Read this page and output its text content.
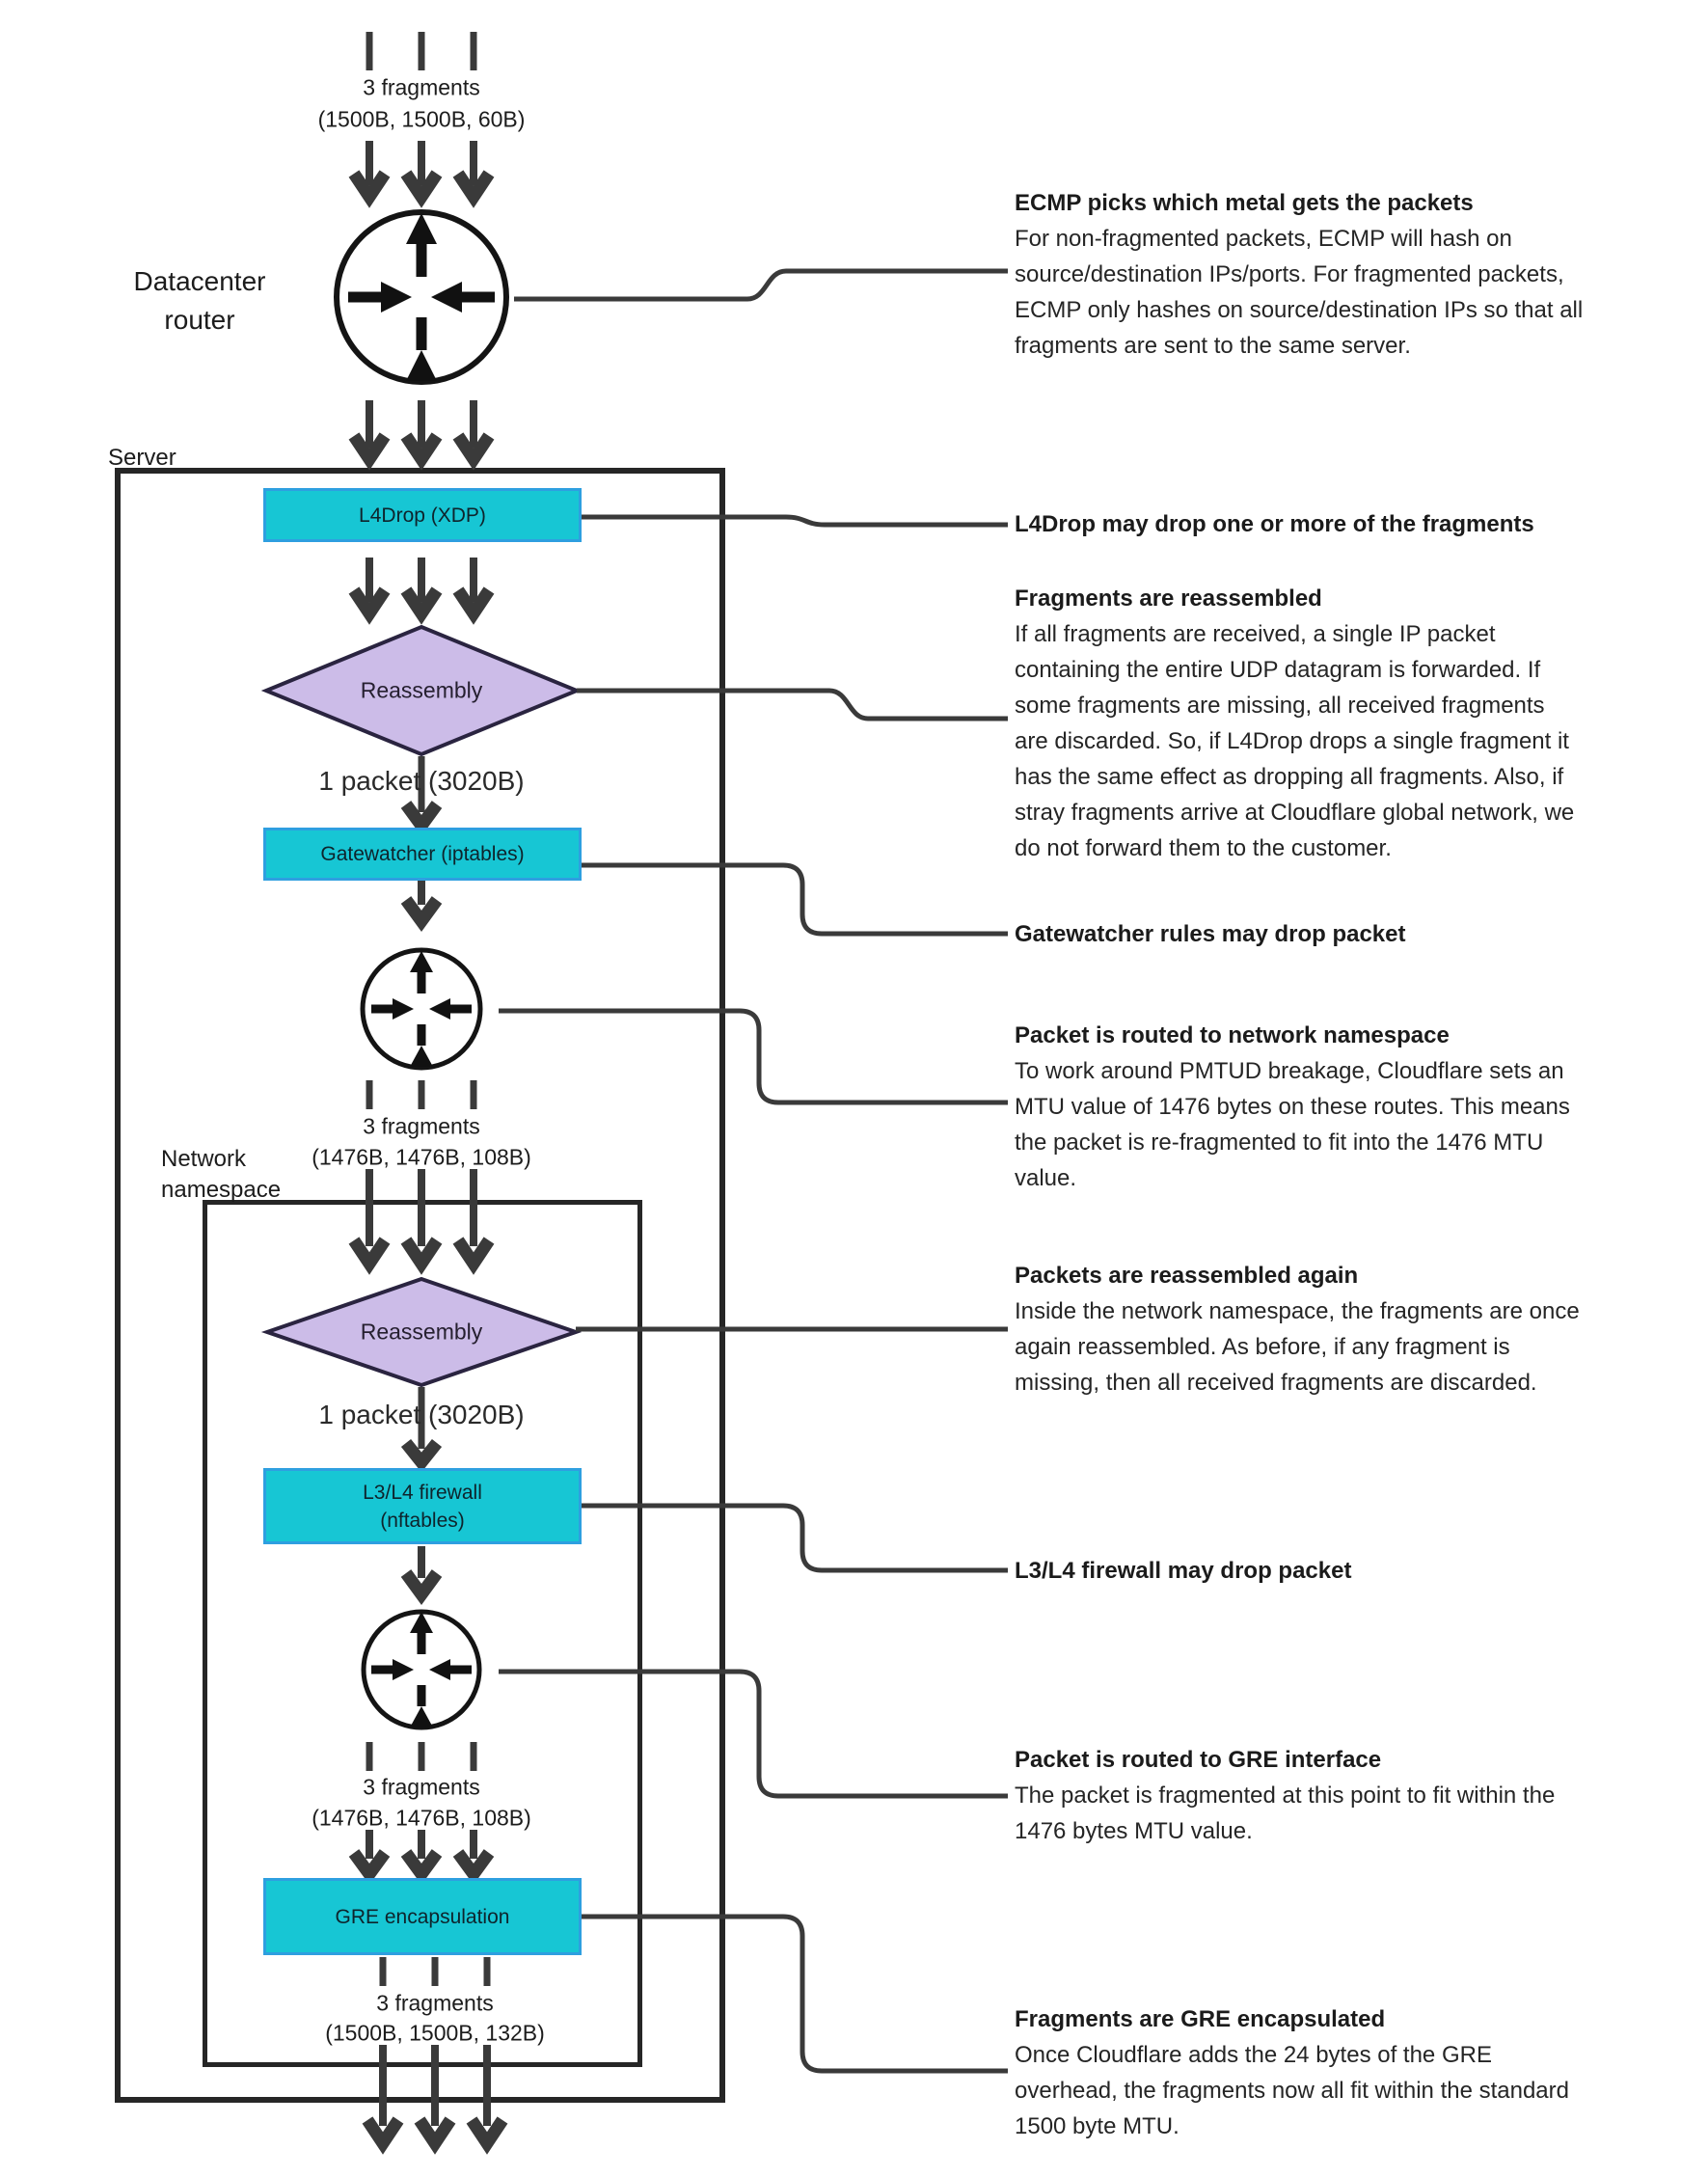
3 fragments
(1500B, 1500B, 60B)
Datacenter router
Server
L4Drop (XDP)
Reassembly
1 packet (3020B)
Gatewatcher (iptables)
3 fragments
(1476B, 1476B, 108B)
Network namespace
Reassembly
1 packet (3020B)
L3/L4 firewall
(nftables)
3 fragments
(1476B, 1476B, 108B)
GRE encapsulation
3 fragments
(1500B, 1500B, 132B)
ECMP picks which metal gets the packets
For non-fragmented packets, ECMP will hash on
source/destination IPs/ports. For fragmented packets,
ECMP only hashes on source/destination IPs so that all
fragments are sent to the same server.
L4Drop may drop one or more of the fragments
Fragments are reassembled
If all fragments are received, a single IP packet
containing the entire UDP datagram is forwarded. If
some fragments are missing, all received fragments
are discarded. So, if L4Drop drops a single fragment it
has the same effect as dropping all fragments. Also, if
stray fragments arrive at Cloudflare global network, we
do not forward them to the customer.
Gatewatcher rules may drop packet
Packet is routed to network namespace
To work around PMTUD breakage, Cloudflare sets an
MTU value of 1476 bytes on these routes. This means
the packet is re-fragmented to fit into the 1476 MTU
value.
Packets are reassembled again
Inside the network namespace, the fragments are once
again reassembled. As before, if any fragment is
missing, then all received fragments are discarded.
L3/L4 firewall may drop packet
Packet is routed to GRE interface
The packet is fragmented at this point to fit within the
1476 bytes MTU value.
Fragments are GRE encapsulated
Once Cloudflare adds the 24 bytes of the GRE
overhead, the fragments now all fit within the standard
1500 byte MTU.
